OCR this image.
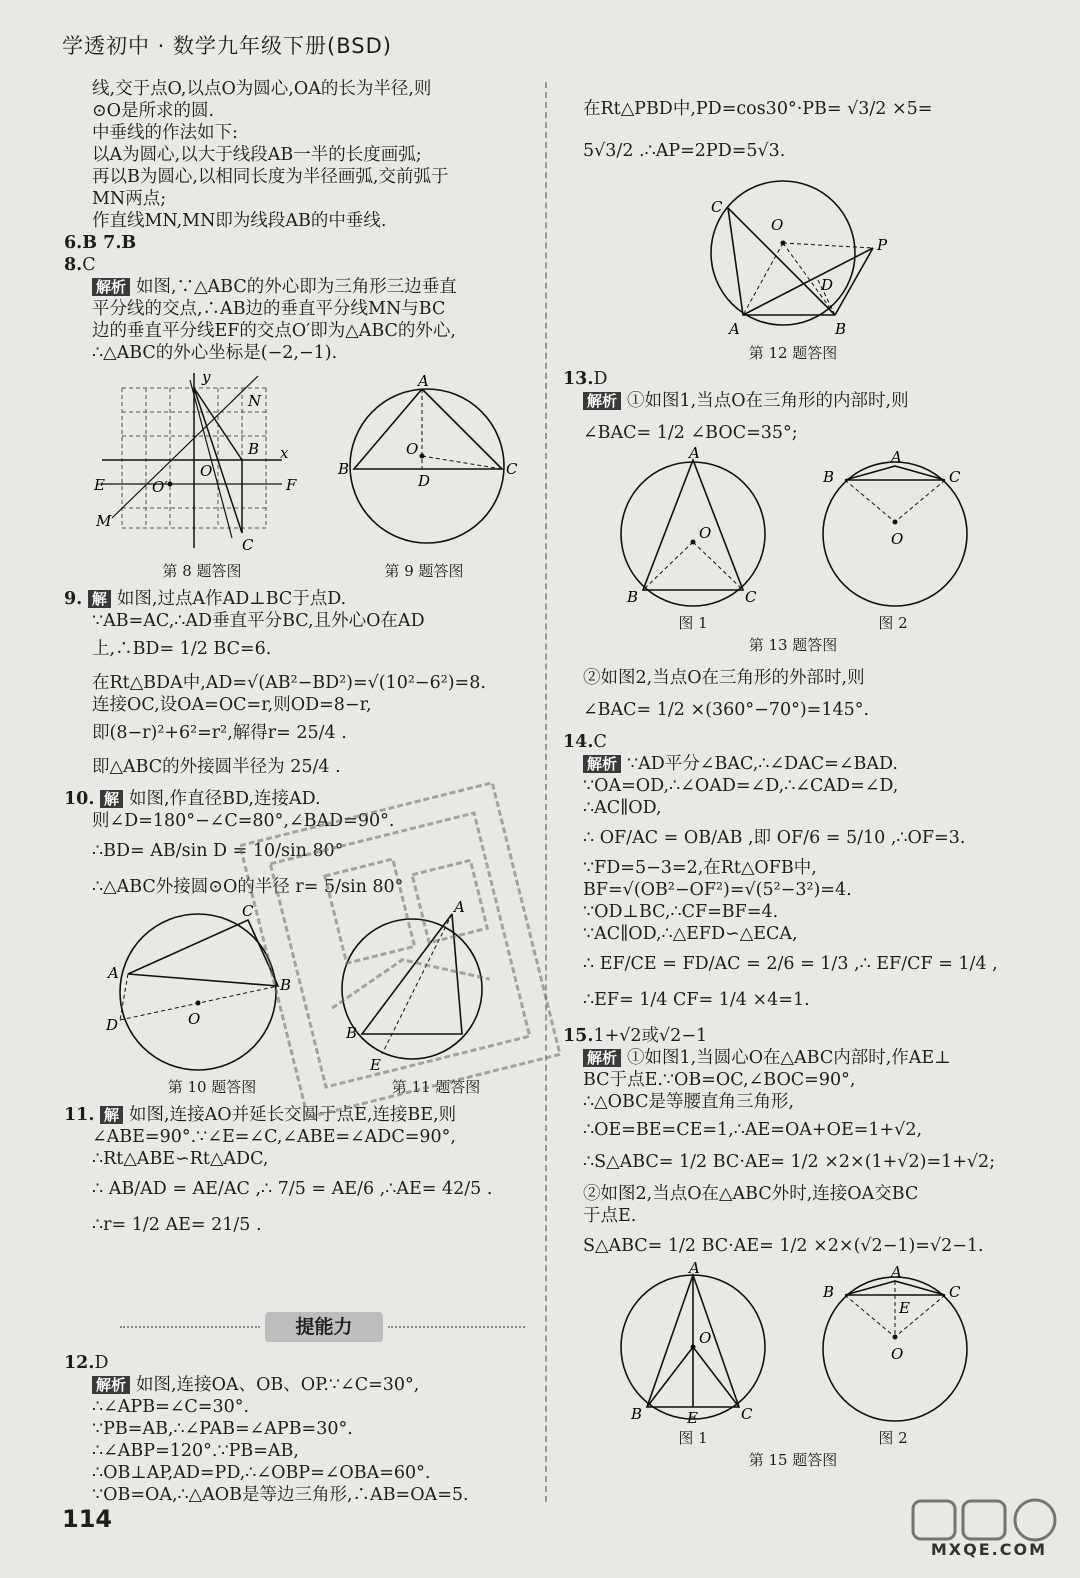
学透初中 · 数学九年级下册(BSD)
线,交于点O,以点O为圆心,OA的长为半径,则
⊙O是所求的圆.
中垂线的作法如下:
以A为圆心,以大于线段AB一半的长度画弧;
再以B为圆心,以相同长度为半径画弧,交前弧于
MN两点;
作直线MN,MN即为线段AB的中垂线.
6.B 7.B
8.C
解析 如图,∵△ABC的外心即为三角形三边垂直
平分线的交点,∴AB边的垂直平分线MN与BC
边的垂直平分线EF的交点O′即为△ABC的外心,
∴△ABC的外心坐标是(−2,−1).
y
x
N
B
E
O
O′	F
M
C
第 8 题答图
A
B	C
O
D
第 9 题答图
9. 解 如图,过点A作AD⊥BC于点D.
∵AB=AC,∴AD垂直平分BC,且外心O在AD
上,∴BD= 1/2 BC=6.
在Rt△BDA中,AD=√(AB²−BD²)=√(10²−6²)=8.
连接OC,设OA=OC=r,则OD=8−r,
即(8−r)²+6²=r²,解得r= 25/4 .
即△ABC的外接圆半径为 25/4 .
10. 解 如图,作直径BD,连接AD.
则∠D=180°−∠C=80°,∠BAD=90°.
∴BD= AB/sin D = 10/sin 80°
∴△ABC外接圆⊙O的半径 r= 5/sin 80°
A
B
C
D	O
第 10 题答图
A
B
E
第 11 题答图
11. 解 如图,连接AO并延长交圆于点E,连接BE,则
∠ABE=90°.∵∠E=∠C,∠ABE=∠ADC=90°,
∴Rt△ABE∽Rt△ADC,
∴ AB/AD = AE/AC ,∴ 7/5 = AE/6 ,∴AE= 42/5 .
∴r= 1/2 AE= 21/5 .
提能力
12.D
解析 如图,连接OA、OB、OP.∵∠C=30°,
∴∠APB=∠C=30°.
∵PB=AB,∴∠PAB=∠APB=30°.
∴∠ABP=120°.∵PB=AB,
∴OB⊥AP,AD=PD,∴∠OBP=∠OBA=60°.
∵OB=OA,∴△AOB是等边三角形,∴AB=OA=5.
在Rt△PBD中,PD=cos30°·PB= √3/2 ×5=
5√3/2 .∴AP=2PD=5√3.
C
O
P
D
A	B
第 12 题答图
13.D
解析 ①如图1,当点O在三角形的内部时,则
∠BAC= 1/2 ∠BOC=35°;
A
B	C
O
A
B	C
O
图 1	图 2
第 13 题答图
②如图2,当点O在三角形的外部时,则
∠BAC= 1/2 ×(360°−70°)=145°.
14.C
解析 ∵AD平分∠BAC,∴∠DAC=∠BAD.
∵OA=OD,∴∠OAD=∠D,∴∠CAD=∠D,
∴AC∥OD,
∴ OF/AC = OB/AB ,即 OF/6 = 5/10 ,∴OF=3.
∵FD=5−3=2,在Rt△OFB中,
BF=√(OB²−OF²)=√(5²−3²)=4.
∵OD⊥BC,∴CF=BF=4.
∵AC∥OD,∴△EFD∽△ECA,
∴ EF/CE = FD/AC = 2/6 = 1/3 ,∴ EF/CF = 1/4 ,
∴EF= 1/4 CF= 1/4 ×4=1.
15.1+√2或√2−1
解析 ①如图1,当圆心O在△ABC内部时,作AE⊥
BC于点E.∵OB=OC,∠BOC=90°,
∴△OBC是等腰直角三角形,
∴OE=BE=CE=1,∴AE=OA+OE=1+√2,
∴S△ABC= 1/2 BC·AE= 1/2 ×2×(1+√2)=1+√2;
②如图2,当点O在△ABC外时,连接OA交BC
于点E.
S△ABC= 1/2 BC·AE= 1/2 ×2×(√2−1)=√2−1.
A
B	C
O
E
A
B	C
E
O
图 1	图 2
第 15 题答图
114
MXQE.COM
